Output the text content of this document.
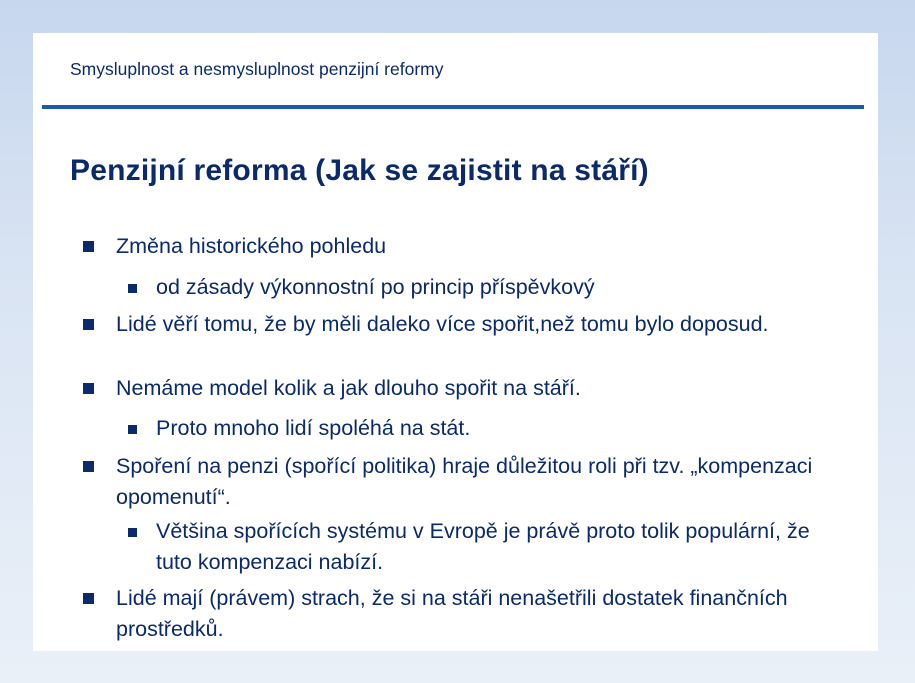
Smysluplnost a nesmysluplnost penzijní reformy
Penzijní reforma (Jak se zajistit na stáří)
Změna historického pohledu
od zásady výkonnostní po princip příspěvkový
Lidé věří tomu, že by měli daleko více spořit,než tomu bylo doposud.
Nemáme model kolik a jak dlouho spořit na stáří.
Proto mnoho lidí spoléhá na stát.
Spoření na penzi (spořící politika) hraje důležitou roli při tzv. „kompenzaci opomenutí“.
Většina spořících systému v Evropě je právě proto tolik populární, že tuto kompenzaci nabízí.
Lidé mají (právem) strach, že si na stáři nenašetřili dostatek finančních prostředků.
